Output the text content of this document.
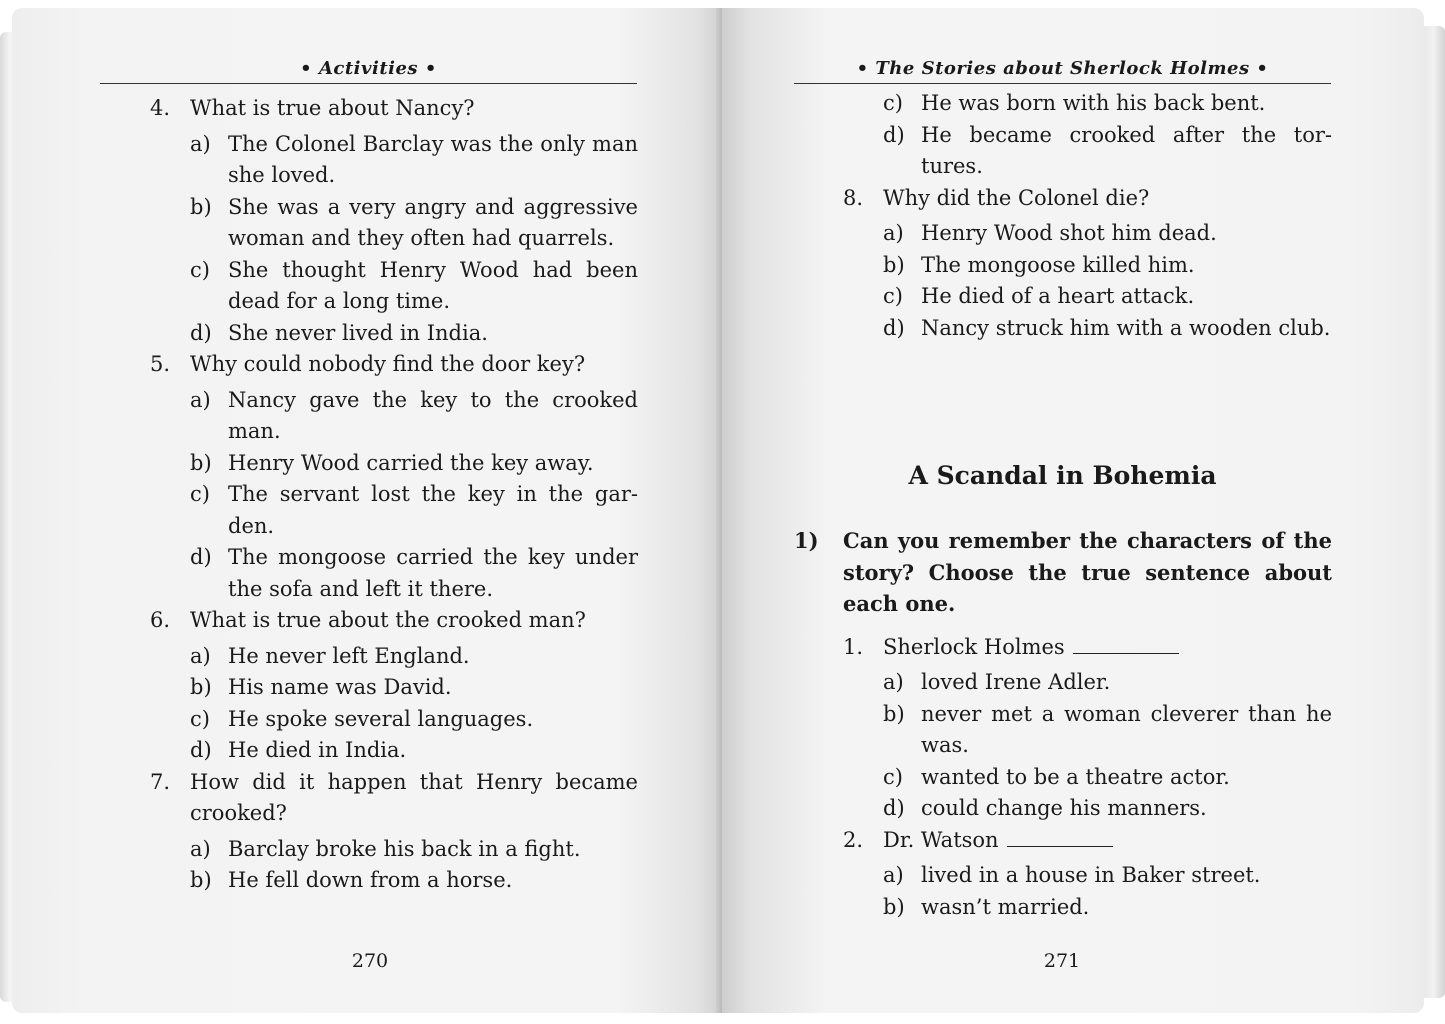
• Activities •
4. What is true about Nancy?
a) The Colonel Barclay was the only man she loved.
b) She was a very angry and aggressive woman and they often had quarrels.
c) She thought Henry Wood had been dead for a long time.
d) She never lived in India.
5. Why could nobody find the door key?
a) Nancy gave the key to the crooked man.
b) Henry Wood carried the key away.
c) The servant lost the key in the gar-den.
d) The mongoose carried the key under the sofa and left it there.
6. What is true about the crooked man?
a) He never left England.
b) His name was David.
c) He spoke several languages.
d) He died in India.
7. How did it happen that Henry became crooked?
a) Barclay broke his back in a fight.
b) He fell down from a horse.
270
• The Stories about Sherlock Holmes •
c) He was born with his back bent.
d) He became crooked after the tor-tures.
8. Why did the Colonel die?
a) Henry Wood shot him dead.
b) The mongoose killed him.
c) He died of a heart attack.
d) Nancy struck him with a wooden club.
A Scandal in Bohemia
1)	Can you remember the characters of the story? Choose the true sentence about each one.
1. Sherlock Holmes
a) loved Irene Adler.
b) never met a woman cleverer than he was.
c) wanted to be a theatre actor.
d) could change his manners.
2. Dr. Watson
a) lived in a house in Baker street.
b) wasn’t married.
271
